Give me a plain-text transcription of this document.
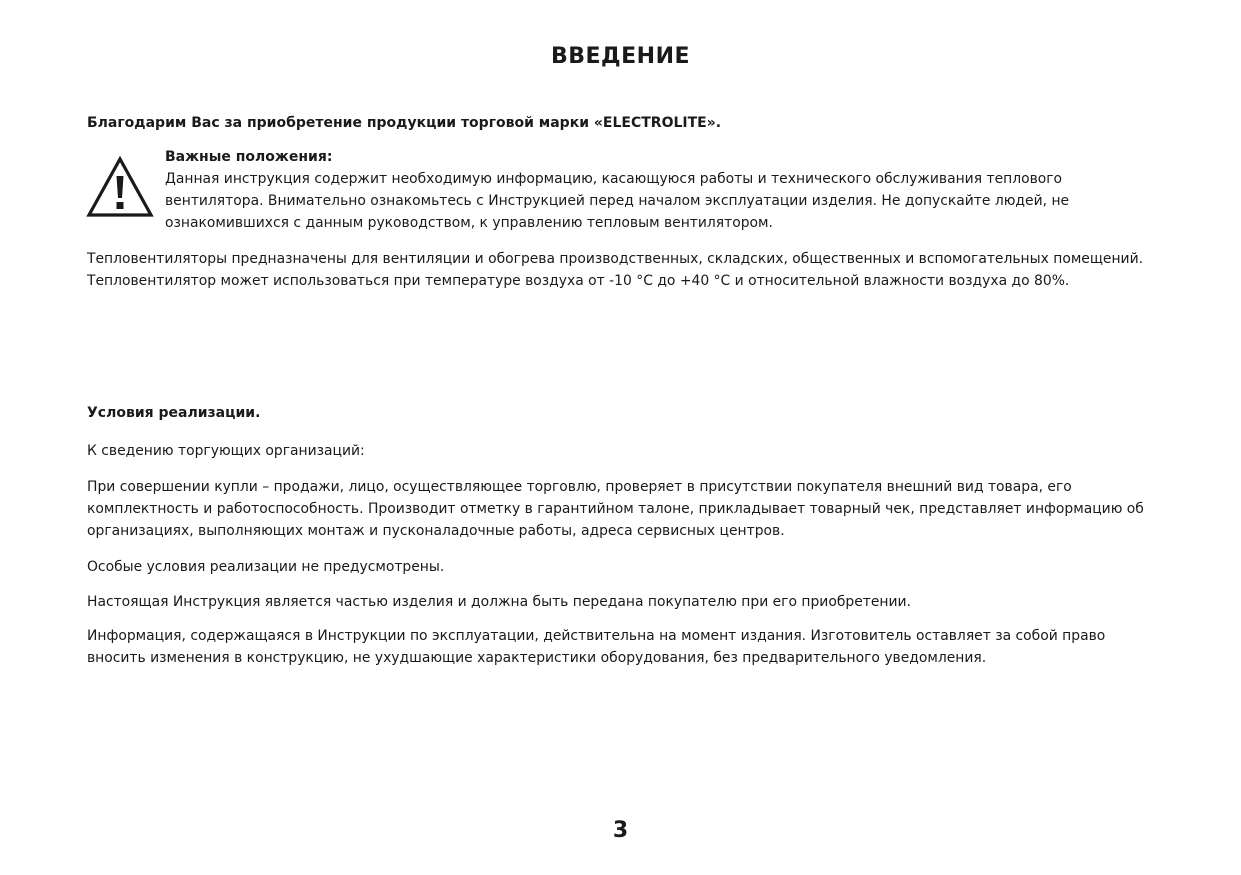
ВВЕДЕНИЕ

Благодарим Вас за приобретение продукции торговой марки «ELECTROLITE».

Важные положения:

Данная инструкция содержит необходимую информацию, касающуюся работы и технического обслуживания теплового вентилятора. Внимательно ознакомьтесь с Инструкцией перед началом эксплуатации изделия. Не допускайте людей, не ознакомившихся с данным руководством, к управлению тепловым вентилятором.

Тепловентиляторы предназначены для вентиляции и обогрева производственных, складских, общественных и вспомогательных помещений. Тепловентилятор может использоваться при температуре воздуха от -10 °С до +40 °С и относительной влажности воздуха до 80%.

Условия реализации.

К сведению торгующих организаций:

При совершении купли – продажи, лицо, осуществляющее торговлю, проверяет в присутствии покупателя внешний вид товара, его комплектность и работоспособность. Производит отметку в гарантийном талоне, прикладывает товарный чек, представляет информацию об организациях, выполняющих монтаж и пусконаладочные работы, адреса сервисных центров.

Особые условия реализации не предусмотрены.

Настоящая Инструкция является частью изделия и должна быть передана покупателю при его приобретении.

Информация, содержащаяся в Инструкции по эксплуатации, действительна на момент издания. Изготовитель оставляет за собой право вносить изменения в конструкцию, не ухудшающие характеристики оборудования, без предварительного уведомления.

3
